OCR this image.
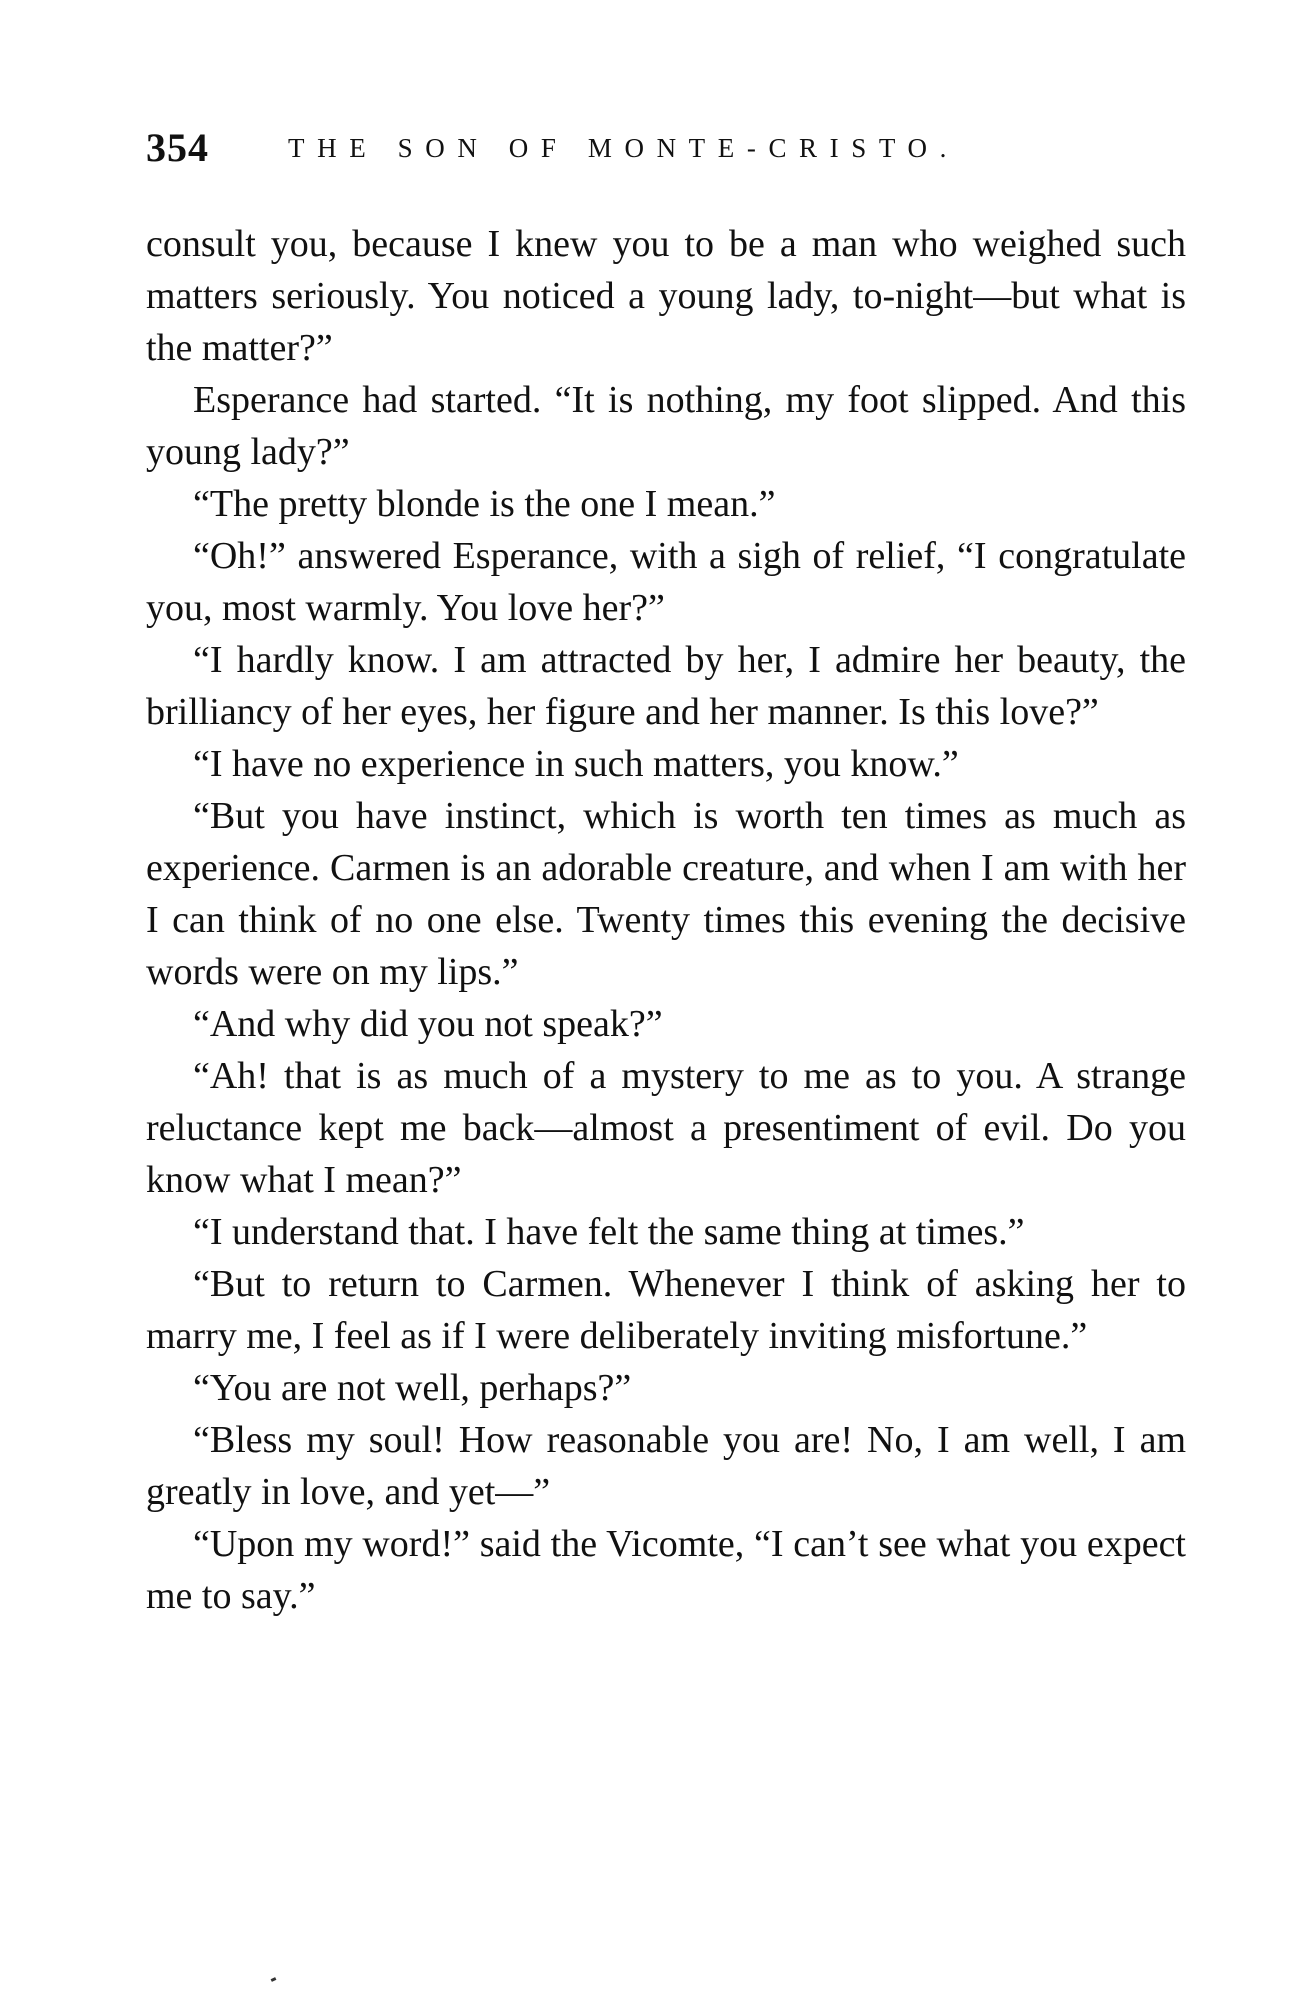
354	THE SON OF MONTE-CRISTO.

consult you, because I knew you to be a man who weighed such matters seriously. You noticed a young lady, to-night—but what is the matter?”

Esperance had started. “It is nothing, my foot slipped. And this young lady?”

“The pretty blonde is the one I mean.”

“Oh!” answered Esperance, with a sigh of relief, “I congratulate you, most warmly. You love her?”

“I hardly know. I am attracted by her, I admire her beauty, the brilliancy of her eyes, her figure and her manner. Is this love?”

“I have no experience in such matters, you know.”

“But you have instinct, which is worth ten times as much as experience. Carmen is an adorable creature, and when I am with her I can think of no one else. Twenty times this evening the decisive words were on my lips.”

“And why did you not speak?”

“Ah! that is as much of a mystery to me as to you. A strange reluctance kept me back—almost a presentiment of evil. Do you know what I mean?”

“I understand that. I have felt the same thing at times.”

“But to return to Carmen. Whenever I think of asking her to marry me, I feel as if I were deliberately inviting misfortune.”

“You are not well, perhaps?”

“Bless my soul! How reasonable you are! No, I am well, I am greatly in love, and yet—”

“Upon my word!” said the Vicomte, “I can’t see what you expect me to say.”
